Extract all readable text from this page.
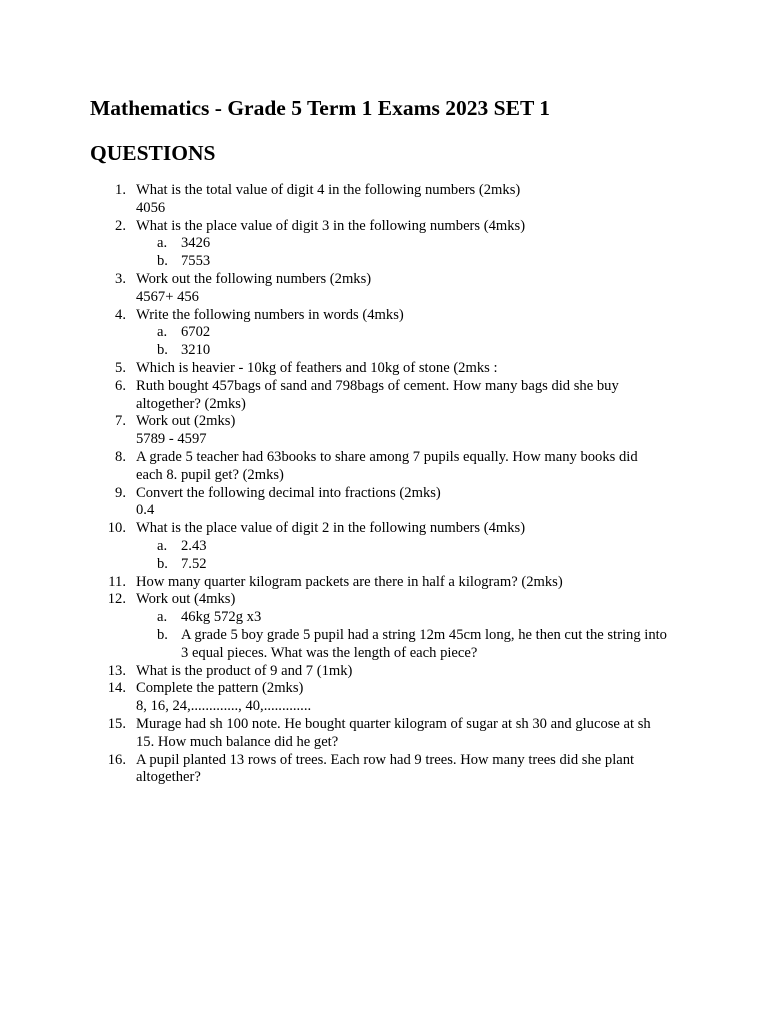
Mathematics - Grade 5 Term 1 Exams 2023 SET 1
QUESTIONS
1. What is the total value of digit 4 in the following numbers (2mks)
4056
2. What is the place value of digit 3 in the following numbers (4mks)
a. 3426
b. 7553
3. Work out the following numbers (2mks)
4567+ 456
4. Write the following numbers in words (4mks)
a. 6702
b. 3210
5. Which is heavier - 10kg of feathers and 10kg of stone (2mks :
6. Ruth bought 457bags of sand and 798bags of cement. How many bags did she buy
altogether? (2mks)
7. Work out (2mks)
5789 - 4597
8. A grade 5 teacher had 63books to share among 7 pupils equally. How many books did
each 8. pupil get? (2mks)
9. Convert the following decimal into fractions (2mks)
0.4
10. What is the place value of digit 2 in the following numbers (4mks)
a. 2.43
b. 7.52
11. How many quarter kilogram packets are there in half a kilogram? (2mks)
12. Work out (4mks)
a. 46kg 572g x3
b. A grade 5 boy grade 5 pupil had a string 12m 45cm long, he then cut the string into 3 equal pieces. What was the length of each piece?
13. What is the product of 9 and 7 (1mk)
14. Complete the pattern (2mks)
8, 16, 24,............., 40,.............
15. Murage had sh 100 note. He bought quarter kilogram of sugar at sh 30 and glucose at sh
15. How much balance did he get?
16. A pupil planted 13 rows of trees. Each row had 9 trees. How many trees did she plant
altogether?
